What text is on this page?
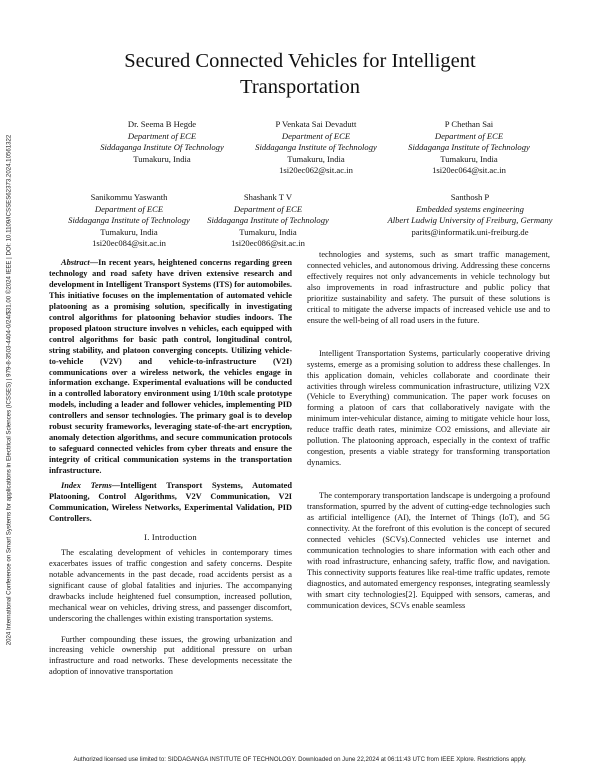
2024 International Conference on Smart Systems for applications in Electrical Sciences (ICSSES) | 979-8-3503-4404-0/24/$31.00 ©2024 IEEE | DOI: 10.1109/ICSSES62373.2024.10561322
Secured Connected Vehicles for Intelligent
Transportation
Dr. Seema B Hegde
Department of ECE
Siddaganga Institute Of Technology
Tumakuru, India
P Venkata Sai Devadutt
Department of ECE
Siddaganga Institute of Technology
Tumakuru, India
1si20ec062@sit.ac.in
P Chethan Sai
Department of ECE
Siddaganga Institute of Technology
Tumakuru, India
1si20ec064@sit.ac.in
Sanikommu Yaswanth
Department of ECE
Siddaganga Institute of Technology
Tumakuru, India
1si20ec084@sit.ac.in
Shashank T V
Department of ECE
Siddaganga Institute of Technology
Tumakuru, India
1si20ec086@sit.ac.in
Santhosh P
Embedded systems engineering
Albert Ludwig University of Freiburg, Germany
parits@informatik.uni-freiburg.de

Abstract—In recent years, heightened concerns regarding green technology and road safety have driven extensive research and development in Intelligent Transport Systems (ITS) for automobiles. This initiative focuses on the implementation of automated vehicle platooning as a promising solution, specifically in investigating control algorithms for platooning behavior studies indoors. The proposed platoon structure involves n vehicles, each equipped with control algorithms for basic path control, longitudinal control, string stability, and platoon converging concepts. Utilizing vehicle-to-vehicle (V2V) and vehicle-to-infrastructure (V2I) communications over a wireless network, the vehicles engage in information exchange. Experimental evaluations will be conducted in a controlled laboratory environment using 1/10th scale prototype models, including a leader and follower vehicles, implementing PID controllers and sensor technologies. The primary goal is to develop robust security frameworks, leveraging state-of-the-art encryption, anomaly detection algorithms, and secure communication protocols to safeguard connected vehicles from cyber threats and ensure the integrity of critical communication systems in the transportation infrastructure.

Index Terms—Intelligent Transport Systems, Automated Platooning, Control Algorithms, V2V Communication, V2I Communication, Wireless Networks, Experimental Validation, PID Controllers.

I. Introduction

The escalating development of vehicles in contemporary times exacerbates issues of traffic congestion and safety concerns. Despite notable advancements in the past decade, road accidents persist as a significant cause of global fatalities and injuries. The accompanying drawbacks include heightened fuel consumption, increased pollution, mechanical wear on vehicles, driving stress, and passenger discomfort, underscoring the challenges within existing transportation systems.

Further compounding these issues, the growing urbanization and increasing vehicle ownership put additional pressure on urban infrastructure and road networks. These developments necessitate the adoption of innovative transportation

technologies and systems, such as smart traffic management, connected vehicles, and autonomous driving. Addressing these concerns effectively requires not only advancements in vehicle technology but also improvements in road infrastructure and public policy that prioritize sustainability and safety. The pursuit of these solutions is critical to mitigate the adverse impacts of increased vehicle use and to ensure the well-being of all road users in the future.

Intelligent Transportation Systems, particularly cooperative driving systems, emerge as a promising solution to address these challenges. In this application domain, vehicles collaborate and coordinate their activities through wireless communication infrastructure, utilizing V2X (Vehicle to Everything) communication. The paper work focuses on forming a platoon of cars that collaboratively navigate with the minimum inter-vehicular distance, aiming to mitigate vehicle hour loss, reduce traffic death rates, minimize CO2 emissions, and alleviate air pollution. The platooning approach, especially in the context of traffic congestion, presents a viable strategy for transforming transportation dynamics.

The contemporary transportation landscape is undergoing a profound transformation, spurred by the advent of cutting-edge technologies such as artificial intelligence (AI), the Internet of Things (IoT), and 5G connectivity. At the forefront of this evolution is the concept of secured connected vehicles (SCVs).Connected vehicles use internet and communication technologies to share information with each other and with road infrastructure, enhancing safety, traffic flow, and navigation. This connectivity supports features like real-time traffic updates, remote diagnostics, and automated emergency responses, integrating seamlessly with smart city technologies[2]. Equipped with sensors, cameras, and communication devices, SCVs enable seamless

Authorized licensed use limited to: SIDDAGANGA INSTITUTE OF TECHNOLOGY. Downloaded on June 22,2024 at 06:11:43 UTC from IEEE Xplore. Restrictions apply.
